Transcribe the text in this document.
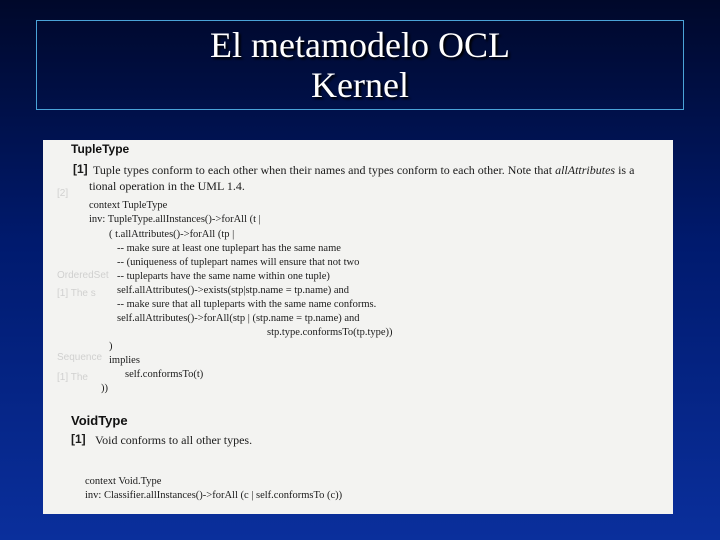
El metamodelo OCL
Kernel
[2]
OrderedSet
[1] The s
Sequence
[1] The
TupleType
[1] Tuple types conform to each other when their names and types conform to each other. Note that allAttributes is a
tional operation in the UML 1.4.
context TupleType
inv: TupleType.allInstances()->forAll (t |
( t.allAttributes()->forAll (tp |
-- make sure at least one tuplepart has the same name
-- (uniqueness of tuplepart names will ensure that not two
-- tupleparts have the same name within one tuple)
self.allAttributes()->exists(stp|stp.name = tp.name) and
-- make sure that all tupleparts with the same name conforms.
self.allAttributes()->forAll(stp | (stp.name = tp.name) and
stp.type.conformsTo(tp.type))
)
implies
self.conformsTo(t)
))
VoidType
[1] Void conforms to all other types.
context Void.Type
inv: Classifier.allInstances()->forAll (c | self.conformsTo (c))
